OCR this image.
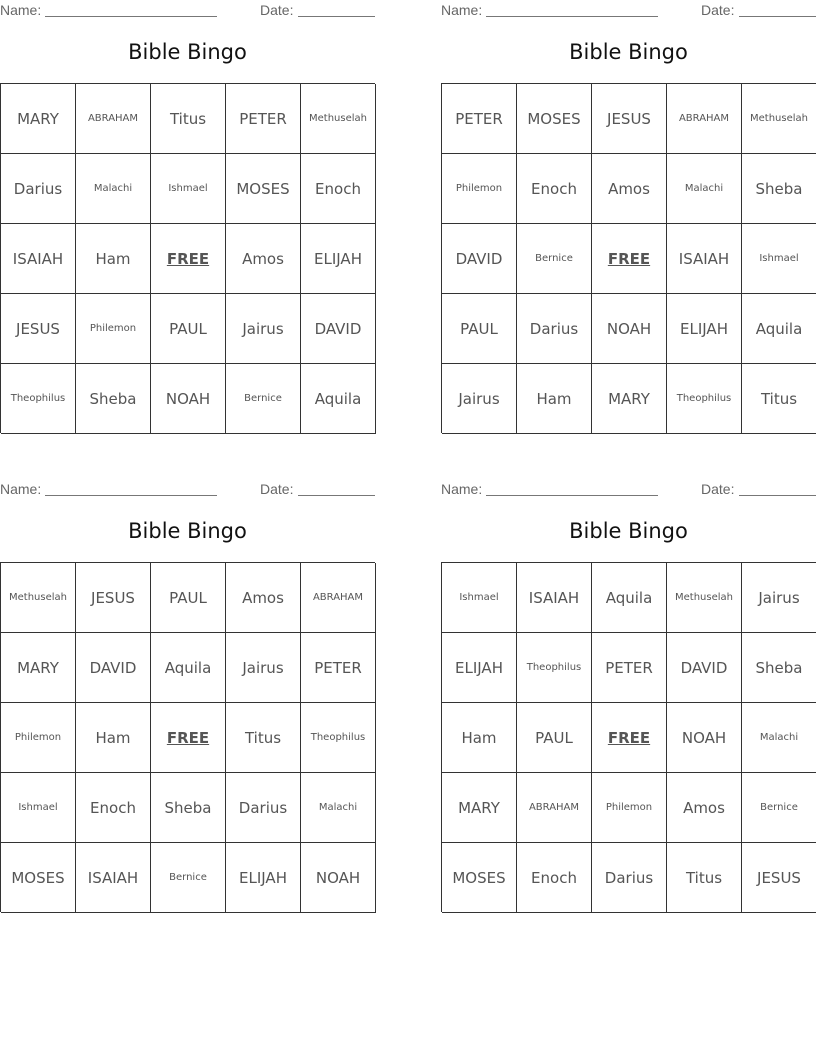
Name:	Date:
Bible Bingo
MARY	ABRAHAM	Titus	PETER	Methuselah
Darius	Malachi	Ishmael	MOSES	Enoch
ISAIAH	Ham	FREE	Amos	ELIJAH
JESUS	Philemon	PAUL	Jairus	DAVID
Theophilus	Sheba	NOAH	Bernice	Aquila
Name:	Date:
Bible Bingo
PETER	MOSES	JESUS	ABRAHAM	Methuselah
Philemon	Enoch	Amos	Malachi	Sheba
DAVID	Bernice	FREE	ISAIAH	Ishmael
PAUL	Darius	NOAH	ELIJAH	Aquila
Jairus	Ham	MARY	Theophilus	Titus
Name:	Date:
Bible Bingo
Methuselah	JESUS	PAUL	Amos	ABRAHAM
MARY	DAVID	Aquila	Jairus	PETER
Philemon	Ham	FREE	Titus	Theophilus
Ishmael	Enoch	Sheba	Darius	Malachi
MOSES	ISAIAH	Bernice	ELIJAH	NOAH
Name:	Date:
Bible Bingo
Ishmael	ISAIAH	Aquila	Methuselah	Jairus
ELIJAH	Theophilus	PETER	DAVID	Sheba
Ham	PAUL	FREE	NOAH	Malachi
MARY	ABRAHAM	Philemon	Amos	Bernice
MOSES	Enoch	Darius	Titus	JESUS
